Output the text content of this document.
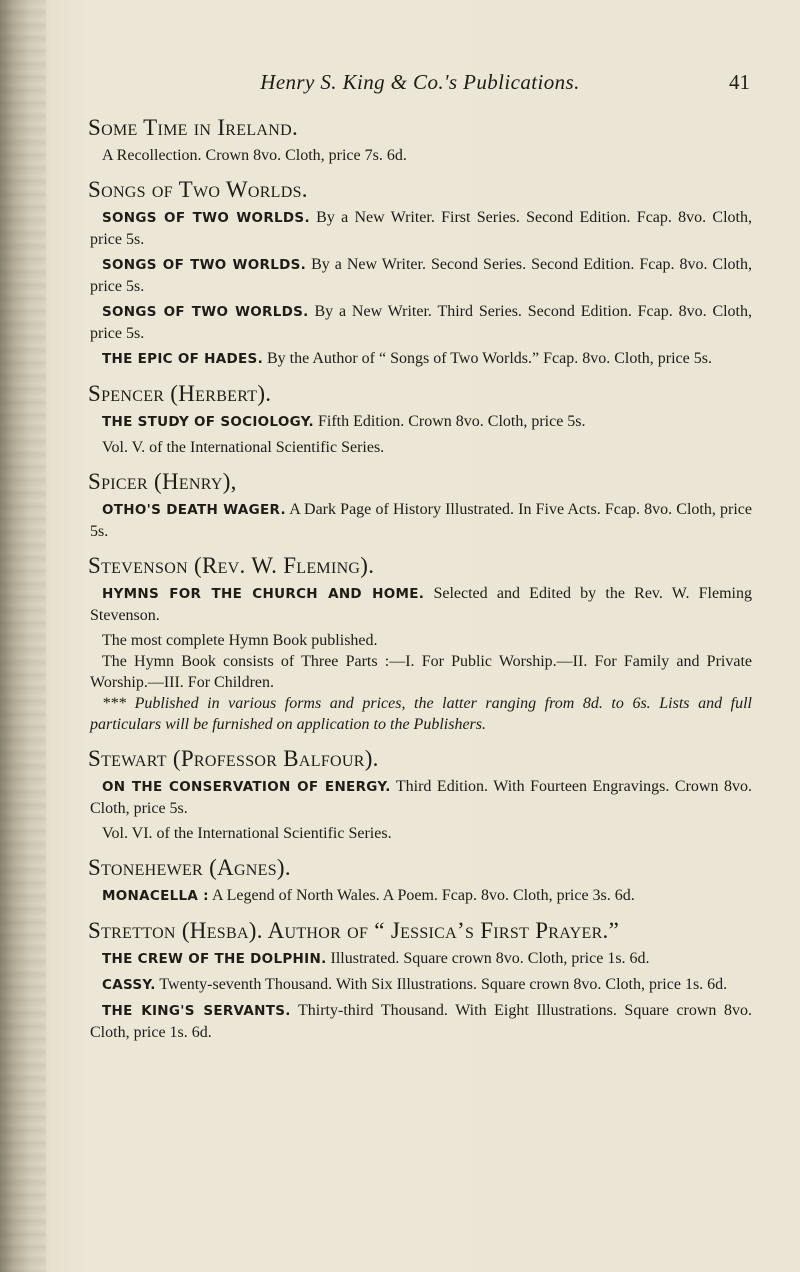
Henry S. King & Co.'s Publications.	41
Some Time in Ireland.

A Recollection. Crown 8vo. Cloth, price 7s. 6d.

Songs of Two Worlds.

SONGS OF TWO WORLDS. By a New Writer. First Series. Second Edition. Fcap. 8vo. Cloth, price 5s.

SONGS OF TWO WORLDS. By a New Writer. Second Series. Second Edition. Fcap. 8vo. Cloth, price 5s.

SONGS OF TWO WORLDS. By a New Writer. Third Series. Second Edition. Fcap. 8vo. Cloth, price 5s.

THE EPIC OF HADES. By the Author of “ Songs of Two Worlds.” Fcap. 8vo. Cloth, price 5s.

Spencer (Herbert).

THE STUDY OF SOCIOLOGY. Fifth Edition. Crown 8vo. Cloth, price 5s.

Vol. V. of the International Scientific Series.

Spicer (Henry),

OTHO'S DEATH WAGER. A Dark Page of History Illustrated. In Five Acts. Fcap. 8vo. Cloth, price 5s.

Stevenson (Rev. W. Fleming).

HYMNS FOR THE CHURCH AND HOME. Selected and Edited by the Rev. W. Fleming Stevenson.

The most complete Hymn Book published.

The Hymn Book consists of Three Parts :—I. For Public Worship.—II. For Family and Private Worship.—III. For Children.

*** Published in various forms and prices, the latter ranging from 8d. to 6s. Lists and full particulars will be furnished on application to the Publishers.

Stewart (Professor Balfour).

ON THE CONSERVATION OF ENERGY. Third Edition. With Fourteen Engravings. Crown 8vo. Cloth, price 5s.

Vol. VI. of the International Scientific Series.

Stonehewer (Agnes).

MONACELLA : A Legend of North Wales. A Poem. Fcap. 8vo. Cloth, price 3s. 6d.

Stretton (Hesba). Author of “ Jessica’s First Prayer.”

THE CREW OF THE DOLPHIN. Illustrated. Square crown 8vo. Cloth, price 1s. 6d.

CASSY. Twenty-seventh Thousand. With Six Illustrations. Square crown 8vo. Cloth, price 1s. 6d.

THE KING'S SERVANTS. Thirty-third Thousand. With Eight Illustrations. Square crown 8vo. Cloth, price 1s. 6d.
